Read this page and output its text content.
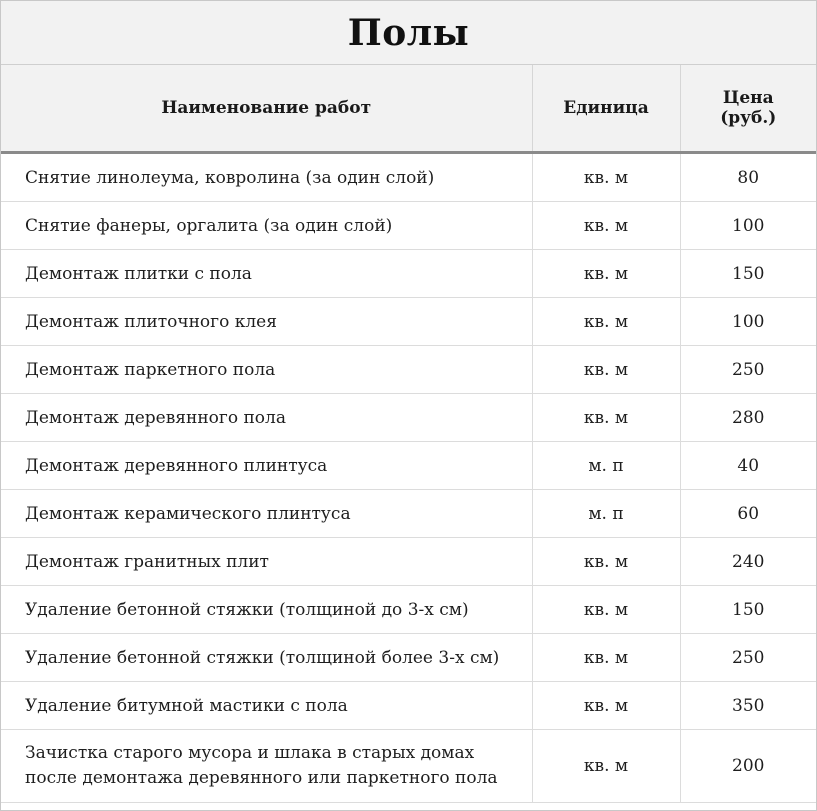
Полы
Наименование работ	Единица	Цена (руб.)
Снятие линолеума, ковролина (за один слой)	кв. м	80
Снятие фанеры, оргалита (за один слой)	кв. м	100
Демонтаж плитки с пола	кв. м	150
Демонтаж плиточного клея	кв. м	100
Демонтаж паркетного пола	кв. м	250
Демонтаж деревянного пола	кв. м	280
Демонтаж деревянного плинтуса	м. п	40
Демонтаж керамического плинтуса	м. п	60
Демонтаж гранитных плит	кв. м	240
Удаление бетонной стяжки (толщиной до 3-х см)	кв. м	150
Удаление бетонной стяжки (толщиной более 3-х см)	кв. м	250
Удаление битумной мастики с пола	кв. м	350
Зачистка старого мусора и шлака в старых домах после демонтажа деревянного или паркетного пола	кв. м	200
